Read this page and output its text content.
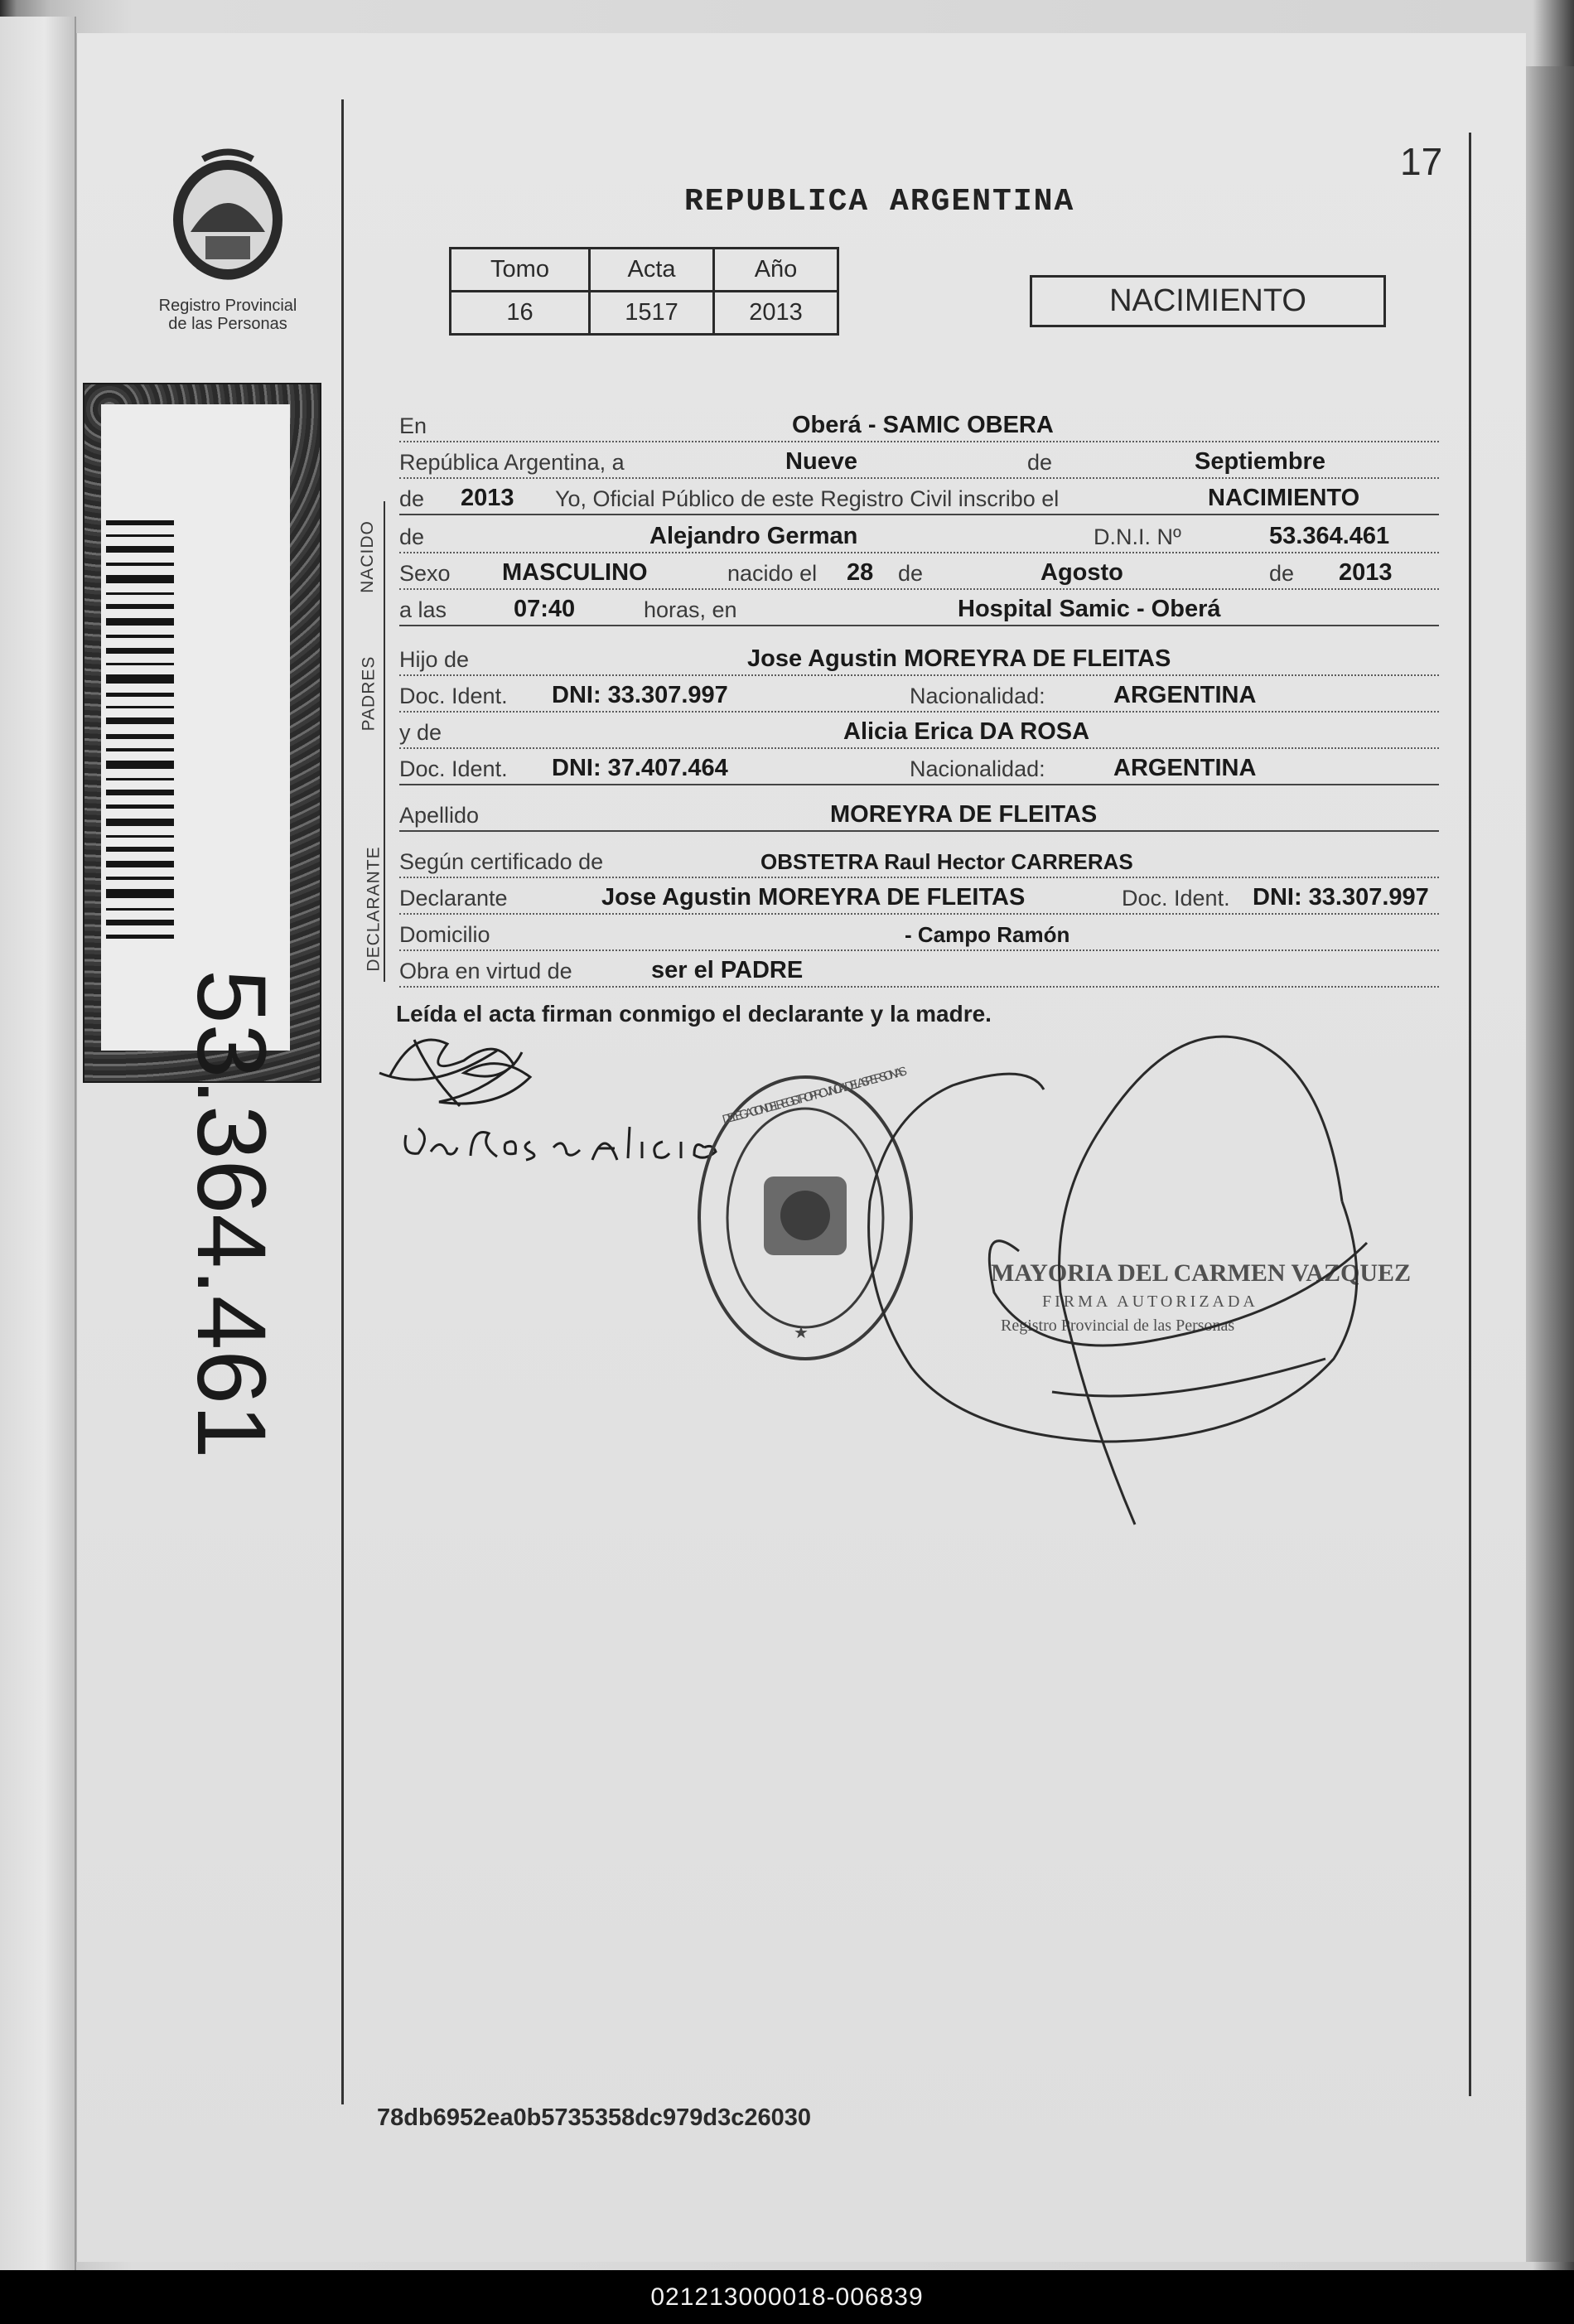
Registro Provincial
de las Personas
53.364.461
17
REPUBLICA ARGENTINA
Tomo	Acta	Año
16	1517	2013	NACIMIENTO
NACIDO
PADRES
DECLARANTE
En	Oberá - SAMIC OBERA
República Argentina, a	Nueve	de	Septiembre
de 2013 Yo, Oficial Público de este Registro Civil inscribo el	NACIMIENTO
de	Alejandro German	D.N.I. Nº	53.364.461
Sexo MASCULINO	nacido el 28 de	Agosto	de 2013
a las	07:40	horas, en	Hospital Samic - Oberá
Hijo de	Jose Agustin MOREYRA DE FLEITAS
Doc. Ident. DNI: 33.307.997	Nacionalidad:	ARGENTINA
y de	Alicia Erica DA ROSA
Doc. Ident. DNI: 37.407.464	Nacionalidad:	ARGENTINA
Apellido	MOREYRA DE FLEITAS
Según certificado de	OBSTETRA Raul Hector CARRERAS
Declarante	Jose Agustin MOREYRA DE FLEITAS	Doc. Ident. DNI: 33.307.997
Domicilio	- Campo Ramón
Obra en virtud de	ser el PADRE
Leída el acta firman conmigo el declarante y la madre.
MAYORIA DEL CARMEN VAZQUEZ
FIRMA AUTORIZADA
Registro Provincial de las Personas
★
DELEGACION DEL REGISTRO PROVINCIAL DE LAS PERSONAS
78db6952ea0b5735358dc979d3c26030
021213000018-006839
